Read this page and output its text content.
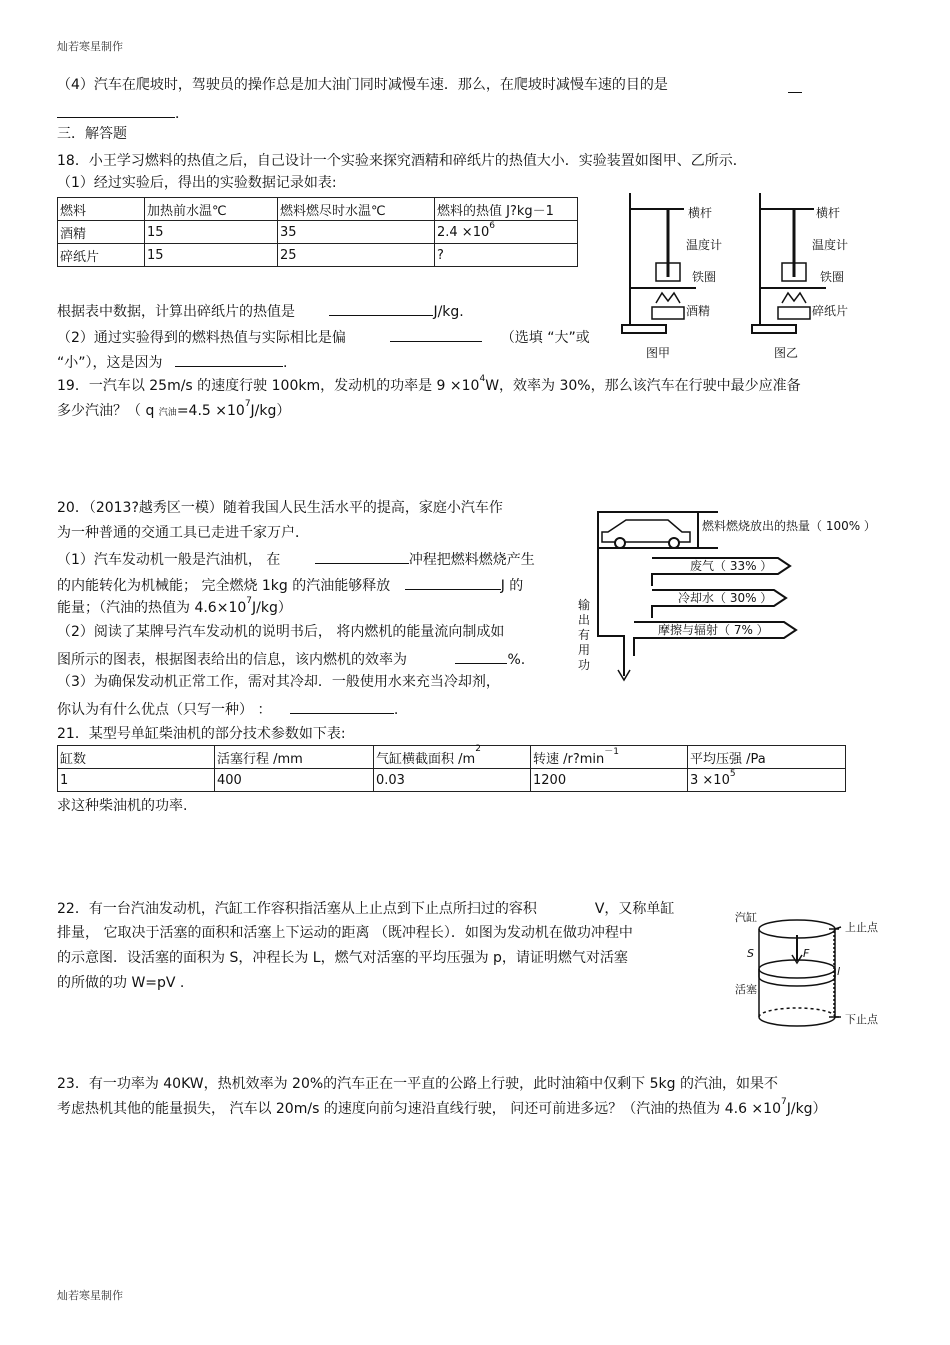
灿若寒星制作
灿若寒星制作
（4）汽车在爬坡时，驾驶员的操作总是加大油门同时减慢车速．那么，在爬坡时减慢车速的目的是
．
三．解答题
18．小王学习燃料的热值之后，自己设计一个实验来探究酒精和碎纸片的热值大小．实验装置如图甲、乙所示．
（1）经过实验后，得出的实验数据记录如表:
燃料	加热前水温℃	燃料燃尽时水温℃	燃料的热值 J?kg－1
酒精	15	35	$2.4 \times 10^6$
碎纸片	15	25	?
根据表中数据，计算出碎纸片的热值是	J/kg.
（2）通过实验得到的燃料热值与实际相比是偏	（选填 “大”或
“小”），这是因为	.
横杆
温度计
铁圈
酒精
横杆
温度计
铁圈
碎纸片
图甲	图乙
19．一汽车以 25m/s 的速度行驶 100km，发动机的功率是 $9 \times 10^4W$，效率为 30%，那么该汽车在行驶中最少应准备
多少汽油？（ q 汽油$=4.5 \times 10^7J/kg$）
20．（2013?越秀区一模）随着我国人民生活水平的提高，家庭小汽车作
为一种普通的交通工具已走进千家万户．
（1）汽车发动机一般是汽油机， 在	冲程把燃料燃烧产生
的内能转化为机械能； 完全燃烧 1kg 的汽油能够释放	J 的
能量；（汽油的热值为 $4.6\times 10^7J/kg$）
（2）阅读了某牌号汽车发动机的说明书后， 将内燃机的能量流向制成如
图所示的图表，根据图表给出的信息，该内燃机的效率为	%.
（3）为确保发动机正常工作，需对其冷却．一般使用水来充当冷却剂，
你认为有什么优点（只写一种） ：	.
燃料燃烧放出的热量（ 100% ）
废气（ 33% ）
冷却水（ 30% ）
摩擦与辐射（ 7% ）
输出有用功
21．某型号单缸柴油机的部分技术参数如下表:
缸数	活塞行程 /mm	气缸横截面积 $/m^2$	转速 $/r?\min^{-1}$	平均压强 /Pa
1	400	0.03	1200	$3 \times 10^5$
求这种柴油机的功率.
22．有一台汽油发动机，汽缸工作容积指活塞从上止点到下止点所扫过的容积	V，又称单缸
排量， 它取决于活塞的面积和活塞上下运动的距离 （既冲程长）．如图为发动机在做功冲程中
的示意图．设活塞的面积为 S，冲程长为 L，燃气对活塞的平均压强为 p，请证明燃气对活塞
的所做的功 W=pV .
汽缸
上止点
下止点
活塞
S	F
l
23．有一功率为 40KW，热机效率为 20%的汽车正在一平直的公路上行驶，此时油箱中仅剩下 5kg 的汽油，如果不
考虑热机其他的能量损失， 汽车以 20m/s 的速度向前匀速沿直线行驶， 问还可前进多远？（汽油的热值为 $4.6 \times 10^7J/kg$）
